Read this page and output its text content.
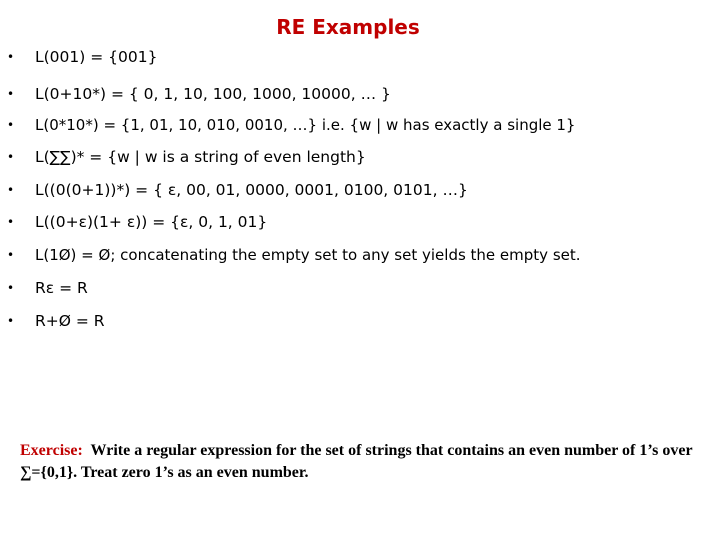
RE Examples
• L(001) = {001}
• L(0+10*) = { 0, 1, 10, 100, 1000, 10000, … }
• L(0*10*) = {1, 01, 10, 010, 0010, …} i.e. {w | w has exactly a single 1}
• L(∑∑)* = {w | w is a string of even length}
• L((0(0+1))*) = { ε, 00, 01, 0000, 0001, 0100, 0101, …}
• L((0+ε)(1+ ε)) = {ε, 0, 1, 01}
• L(1Ø) = Ø; concatenating the empty set to any set yields the empty set.
• Rε = R
• R+Ø = R
Exercise: Write a regular expression for the set of strings that contains an even number of 1’s over ∑={0,1}. Treat zero 1’s as an even number.
